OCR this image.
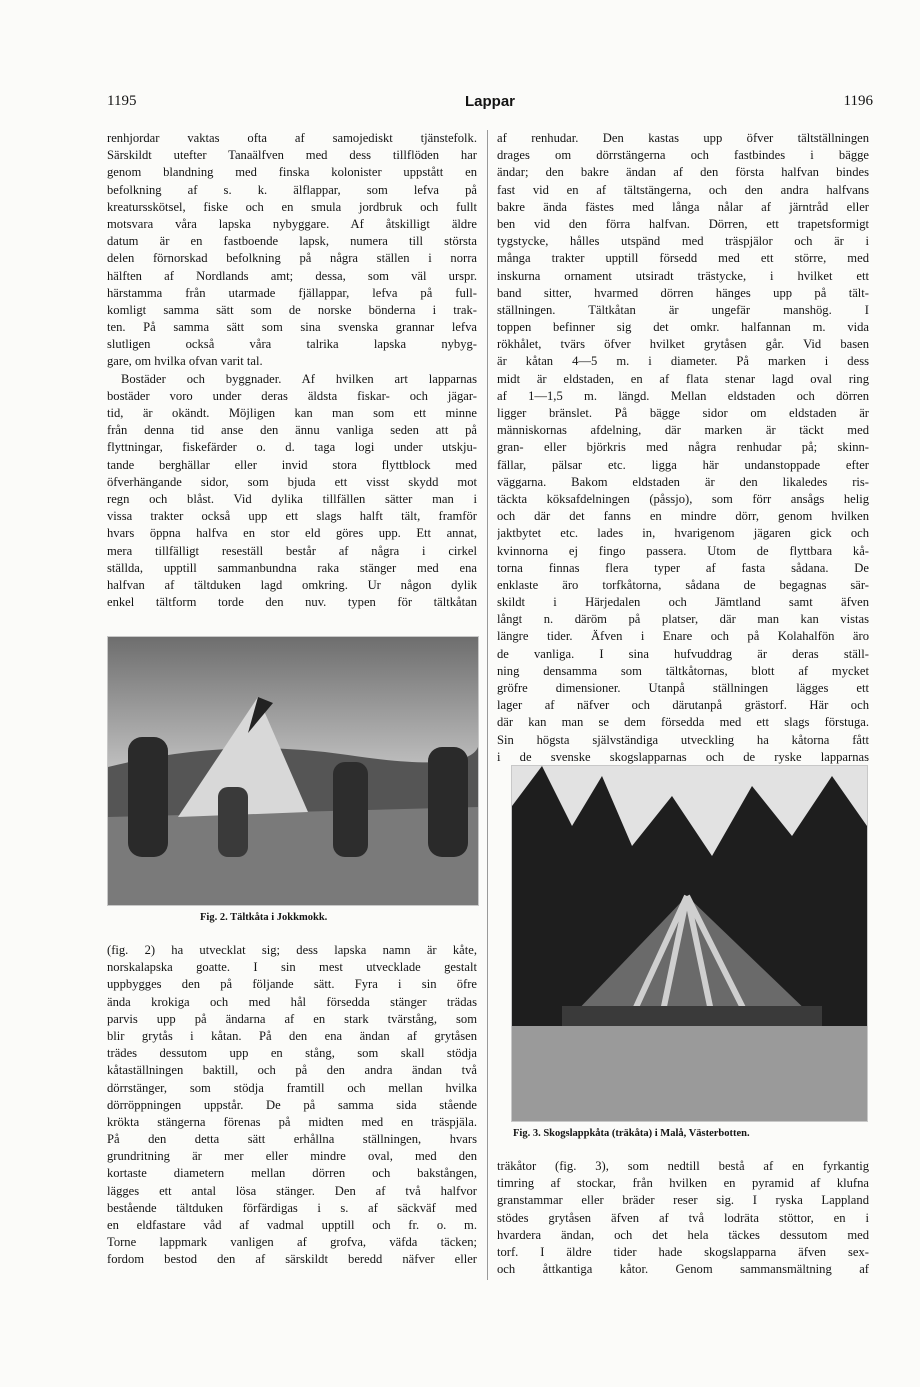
1195	Lappar	1196
renhjordar vaktas ofta af samojediskt tjänstefolk.
Särskildt utefter Tanaälfven med dess tillflöden har
genom blandning med finska kolonister uppstått en
befolkning af s. k. älflappar, som lefva på
kreatursskötsel, fiske och en smula jordbruk och fullt
motsvara våra lapska nybyggare. Af åtskilligt äldre
datum är en fastboende lapsk, numera till största
delen förnorskad befolkning på några ställen i norra
hälften af Nordlands amt; dessa, som väl urspr.
härstamma från utarmade fjällappar, lefva på full-
komligt samma sätt som de norske bönderna i trak-
ten. På samma sätt som sina svenska grannar lefva
slutligen också våra talrika lapska nybyg-
gare, om hvilka ofvan varit tal.
Bostäder och byggnader. Af hvilken art lapparnas
bostäder voro under deras äldsta fiskar- och jägar-
tid, är okändt. Möjligen kan man som ett minne
från denna tid anse den ännu vanliga seden att på
flyttningar, fiskefärder o. d. taga logi under utskju-
tande berghällar eller invid stora flyttblock med
öfverhängande sidor, som bjuda ett visst skydd mot
regn och blåst. Vid dylika tillfällen sätter man i
vissa trakter också upp ett slags halft tält, framför
hvars öppna halfva en stor eld göres upp. Ett annat,
mera tillfälligt reseställ består af några i cirkel
ställda, upptill sammanbundna raka stänger med ena
halfvan af tältduken lagd omkring. Ur någon dylik
enkel tältform torde den nuv. typen för tältkåtan
Fig. 2. Tältkåta i Jokkmokk.
(fig. 2) ha utvecklat sig; dess lapska namn är kåte,
norskalapska goatte. I sin mest utvecklade gestalt
uppbygges den på följande sätt. Fyra i sin öfre
ända krokiga och med hål försedda stänger trädas
parvis upp på ändarna af en stark tvärstång, som
blir grytås i kåtan. På den ena ändan af grytåsen
trädes dessutom upp en stång, som skall stödja
kåtaställningen baktill, och på den andra ändan två
dörrstänger, som stödja framtill och mellan hvilka
dörröppningen uppstår. De på samma sida stående
krökta stängerna förenas på midten med en träspjäla.
På den detta sätt erhållna ställningen, hvars
grundritning är mer eller mindre oval, med den
kortaste diametern mellan dörren och bakstången,
lägges ett antal lösa stänger. Den af två halfvor
bestående tältduken förfärdigas i s. af säckväf med
en eldfastare våd af vadmal upptill och fr. o. m.
Torne lappmark vanligen af grofva, väfda täcken;
fordom bestod den af särskildt beredd näfver eller
af renhudar. Den kastas upp öfver tältställningen
drages om dörrstängerna och fastbindes i bägge
ändar; den bakre ändan af den första halfvan bindes
fast vid en af tältstängerna, och den andra halfvans
bakre ända fästes med långa nålar af järntråd eller
ben vid den förra halfvan. Dörren, ett trapetsformigt
tygstycke, hålles utspänd med träspjälor och är i
många trakter upptill försedd med ett större, med
inskurna ornament utsiradt trästycke, i hvilket ett
band sitter, hvarmed dörren hänges upp på tält-
ställningen. Tältkåtan är ungefär manshög. I
toppen befinner sig det omkr. halfannan m. vida
rökhålet, tvärs öfver hvilket grytåsen går. Vid basen
är kåtan 4—5 m. i diameter. På marken i dess
midt är eldstaden, en af flata stenar lagd oval ring
af 1—1,5 m. längd. Mellan eldstaden och dörren
ligger bränslet. På bägge sidor om eldstaden är
människornas afdelning, där marken är täckt med
gran- eller björkris med några renhudar på; skinn-
fällar, pälsar etc. ligga här undanstoppade efter
väggarna. Bakom eldstaden är den likaledes ris-
täckta köksafdelningen (påssjo), som förr ansågs helig
och där det fanns en mindre dörr, genom hvilken
jaktbytet etc. lades in, hvarigenom jägaren gick och
kvinnorna ej fingo passera. Utom de flyttbara kå-
torna finnas flera typer af fasta sådana. De
enklaste äro torfkåtorna, sådana de begagnas sär-
skildt i Härjedalen och Jämtland samt äfven
långt n. däröm på platser, där man kan vistas
längre tider. Äfven i Enare och på Kolahalfön äro
de vanliga. I sina hufvuddrag är deras ställ-
ning densamma som tältkåtornas, blott af mycket
gröfre dimensioner. Utanpå ställningen lägges ett
lager af näfver och därutanpå grästorf. Här och
där kan man se dem försedda med ett slags förstuga.
Sin högsta självständiga utveckling ha kåtorna fått
i de svenske skogslapparnas och de ryske lapparnas
Fig. 3. Skogslappkåta (träkåta) i Malå, Västerbotten.
träkåtor (fig. 3), som nedtill bestå af en fyrkantig
timring af stockar, från hvilken en pyramid af klufna
granstammar eller bräder reser sig. I ryska Lappland
stödes grytåsen äfven af två lodräta stöttor, en i
hvardera ändan, och det hela täckes dessutom med
torf. I äldre tider hade skogslapparna äfven sex-
och åttkantiga kåtor. Genom sammansmältning af
